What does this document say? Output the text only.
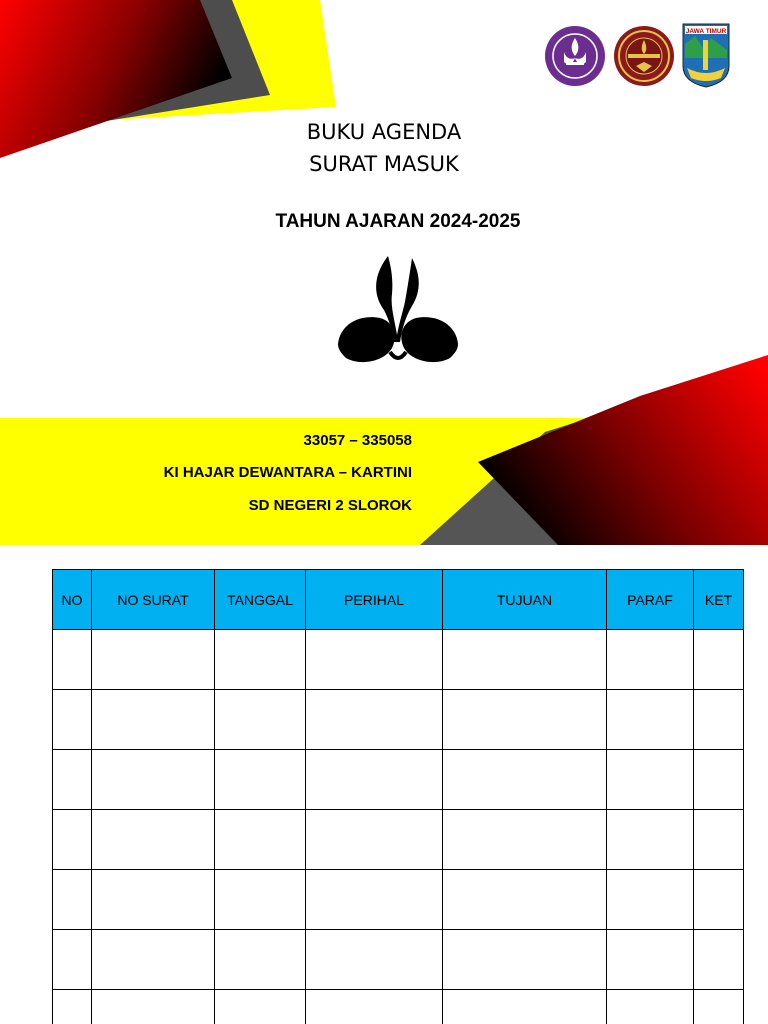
JAWA TIMUR
BUKU AGENDA
SURAT MASUK
TAHUN AJARAN 2024-2025
33057 – 335058
KI HAJAR DEWANTARA – KARTINI
SD NEGERI 2 SLOROK
NO	NO SURAT	TANGGAL	PERIHAL	TUJUAN	PARAF	KET
